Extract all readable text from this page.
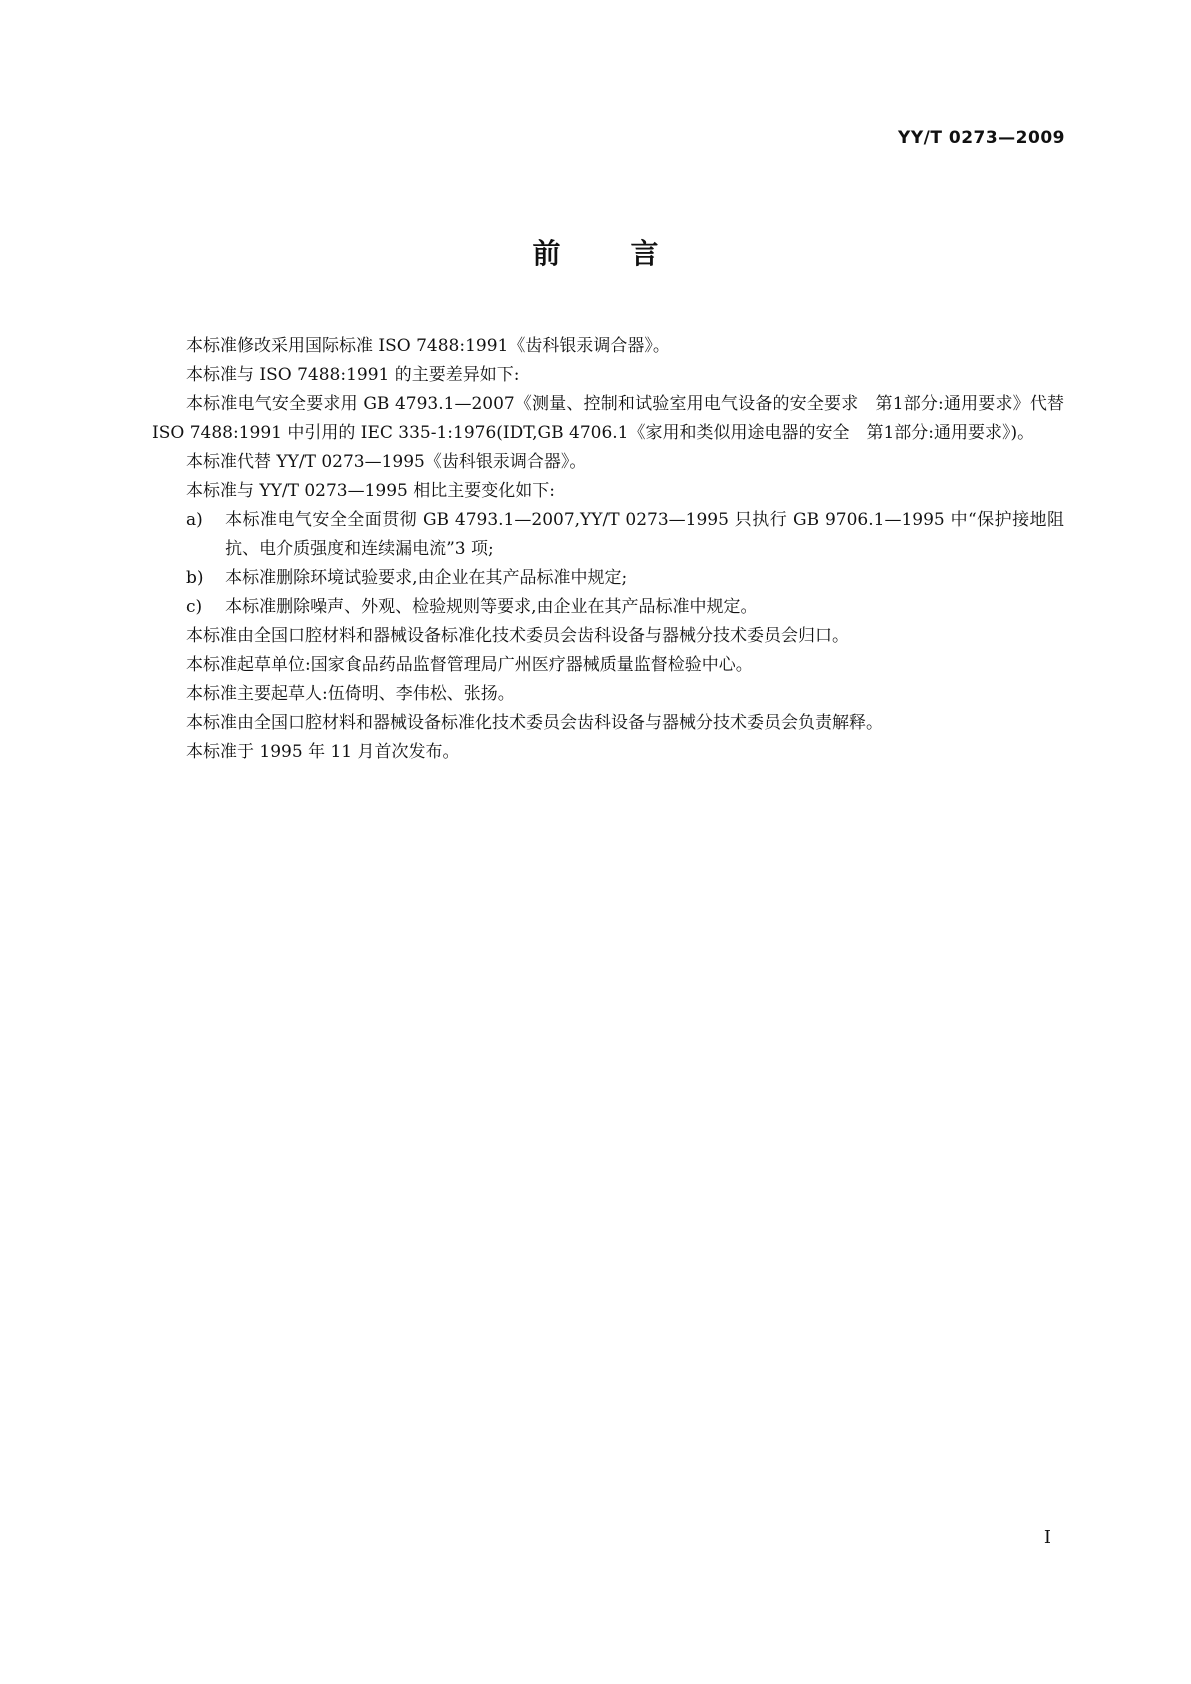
YY/T 0273—2009
前	言

本标准修改采用国际标准 ISO 7488:1991《齿科银汞调合器》。

本标准与 ISO 7488:1991 的主要差异如下:

本标准电气安全要求用 GB 4793.1—2007《测量、控制和试验室用电气设备的安全要求　第1部分:通用要求》代替 ISO 7488:1991 中引用的 IEC 335-1:1976(IDT,GB 4706.1《家用和类似用途电器的安全　第1部分:通用要求》)。

本标准代替 YY/T 0273—1995《齿科银汞调合器》。

本标准与 YY/T 0273—1995 相比主要变化如下:

a)	本标准电气安全全面贯彻 GB 4793.1—2007,YY/T 0273—1995 只执行 GB 9706.1—1995 中“保护接地阻抗、电介质强度和连续漏电流”3 项;
b)	本标准删除环境试验要求,由企业在其产品标准中规定;
c)	本标准删除噪声、外观、检验规则等要求,由企业在其产品标准中规定。

本标准由全国口腔材料和器械设备标准化技术委员会齿科设备与器械分技术委员会归口。

本标准起草单位:国家食品药品监督管理局广州医疗器械质量监督检验中心。

本标准主要起草人:伍倚明、李伟松、张扬。

本标准由全国口腔材料和器械设备标准化技术委员会齿科设备与器械分技术委员会负责解释。

本标准于 1995 年 11 月首次发布。

I
